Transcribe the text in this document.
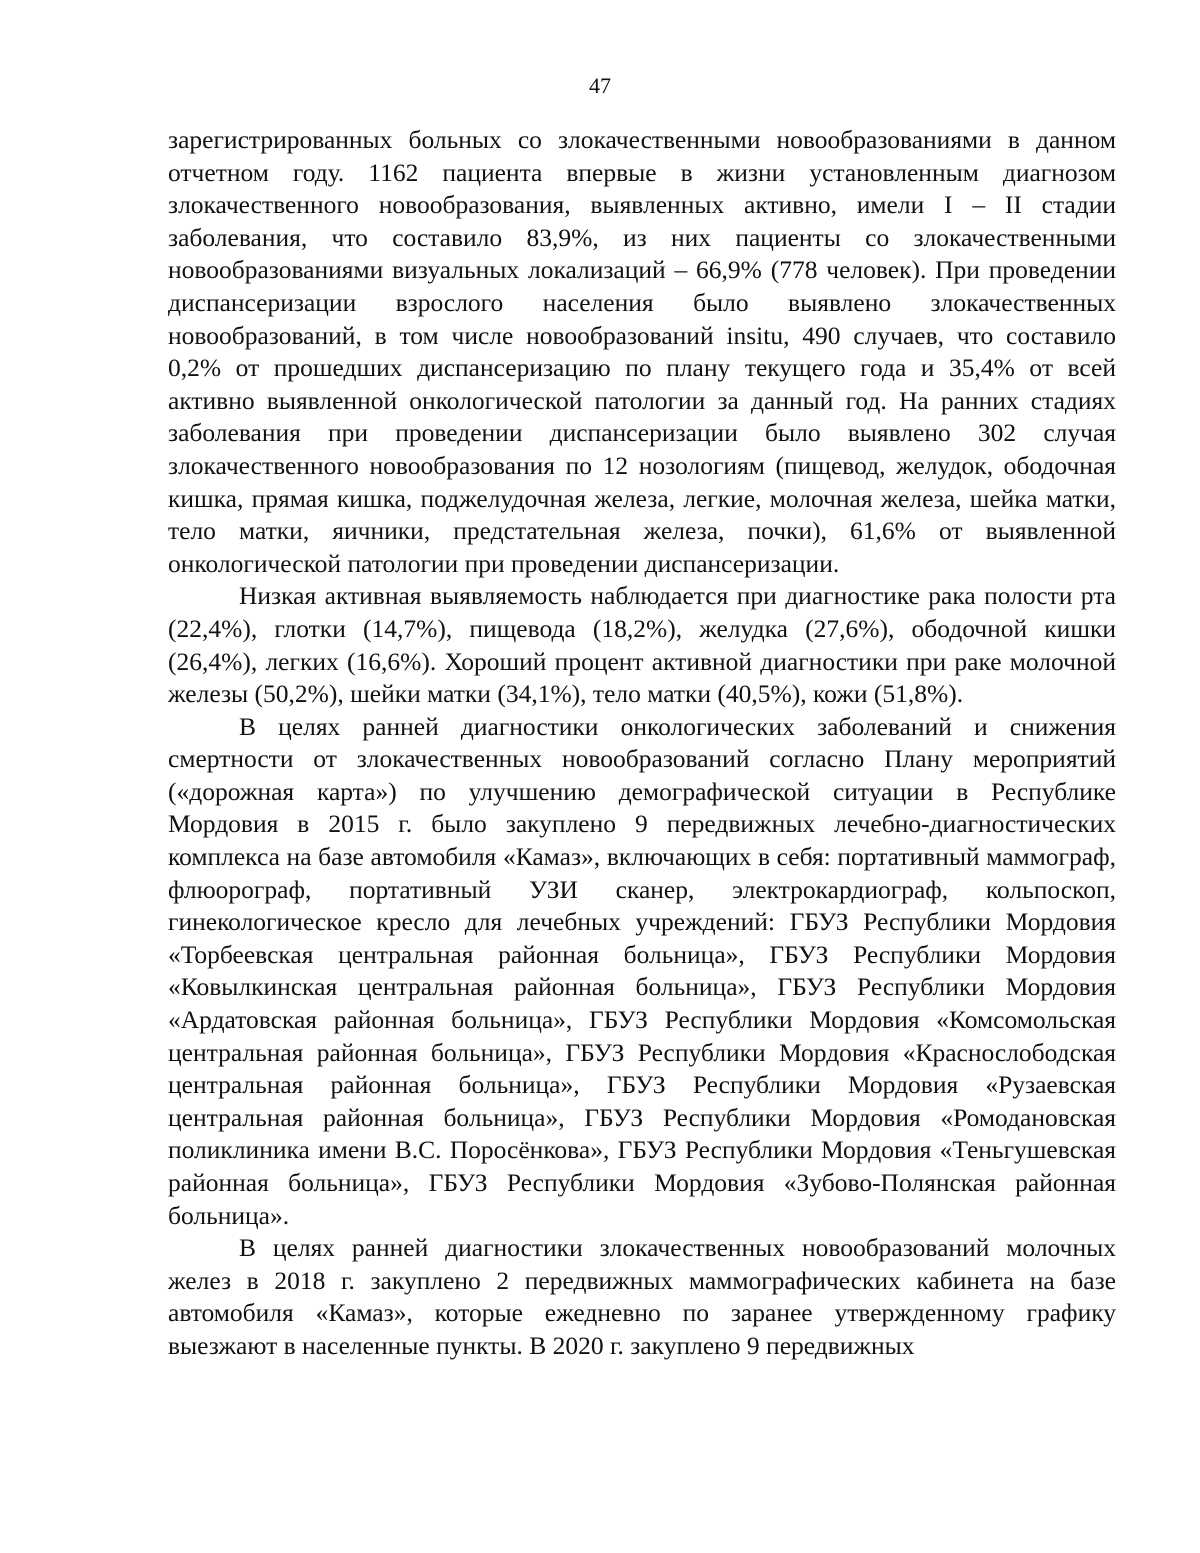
47

зарегистрированных больных со злокачественными новообразованиями в данном отчетном году. 1162 пациента впервые в жизни установленным диагнозом злокачественного новообразования, выявленных активно, имели I – II стадии заболевания, что составило 83,9%, из них пациенты со злокачественными новообразованиями визуальных локализаций – 66,9% (778 человек). При проведении диспансеризации взрослого населения было выявлено злокачественных новообразований, в том числе новообразований insitu, 490 случаев, что составило 0,2% от прошедших диспансеризацию по плану текущего года и 35,4% от всей активно выявленной онкологической патологии за данный год. На ранних стадиях заболевания при проведении диспансеризации было выявлено 302 случая злокачественного новообразования по 12 нозологиям (пищевод, желудок, ободочная кишка, прямая кишка, поджелудочная железа, легкие, молочная железа, шейка матки, тело матки, яичники, предстательная железа, почки), 61,6% от выявленной онкологической патологии при проведении диспансеризации.

Низкая активная выявляемость наблюдается при диагностике рака полости рта (22,4%), глотки (14,7%), пищевода (18,2%), желудка (27,6%), ободочной кишки (26,4%), легких (16,6%). Хороший процент активной диагностики при раке молочной железы (50,2%), шейки матки (34,1%), тело матки (40,5%), кожи (51,8%).

В целях ранней диагностики онкологических заболеваний и снижения смертности от злокачественных новообразований согласно Плану мероприятий («дорожная карта») по улучшению демографической ситуации в Республике Мордовия в 2015 г. было закуплено 9 передвижных лечебно-диагностических комплекса на базе автомобиля «Камаз», включающих в себя: портативный маммограф, флюорограф, портативный УЗИ сканер, электрокардиограф, кольпоскоп, гинекологическое кресло для лечебных учреждений: ГБУЗ Республики Мордовия «Торбеевская центральная районная больница», ГБУЗ Республики Мордовия «Ковылкинская центральная районная больница», ГБУЗ Республики Мордовия «Ардатовская районная больница», ГБУЗ Республики Мордовия «Комсомольская центральная районная больница», ГБУЗ Республики Мордовия «Краснослободская центральная районная больница», ГБУЗ Республики Мордовия «Рузаевская центральная районная больница», ГБУЗ Республики Мордовия «Ромодановская поликлиника имени В.С. Поросёнкова», ГБУЗ Республики Мордовия «Теньгушевская районная больница», ГБУЗ Республики Мордовия «Зубово-Полянская районная больница».

В целях ранней диагностики злокачественных новообразований молочных желез в 2018 г. закуплено 2 передвижных маммографических кабинета на базе автомобиля «Камаз», которые ежедневно по заранее утвержденному графику выезжают в населенные пункты. В 2020 г. закуплено 9 передвижных
